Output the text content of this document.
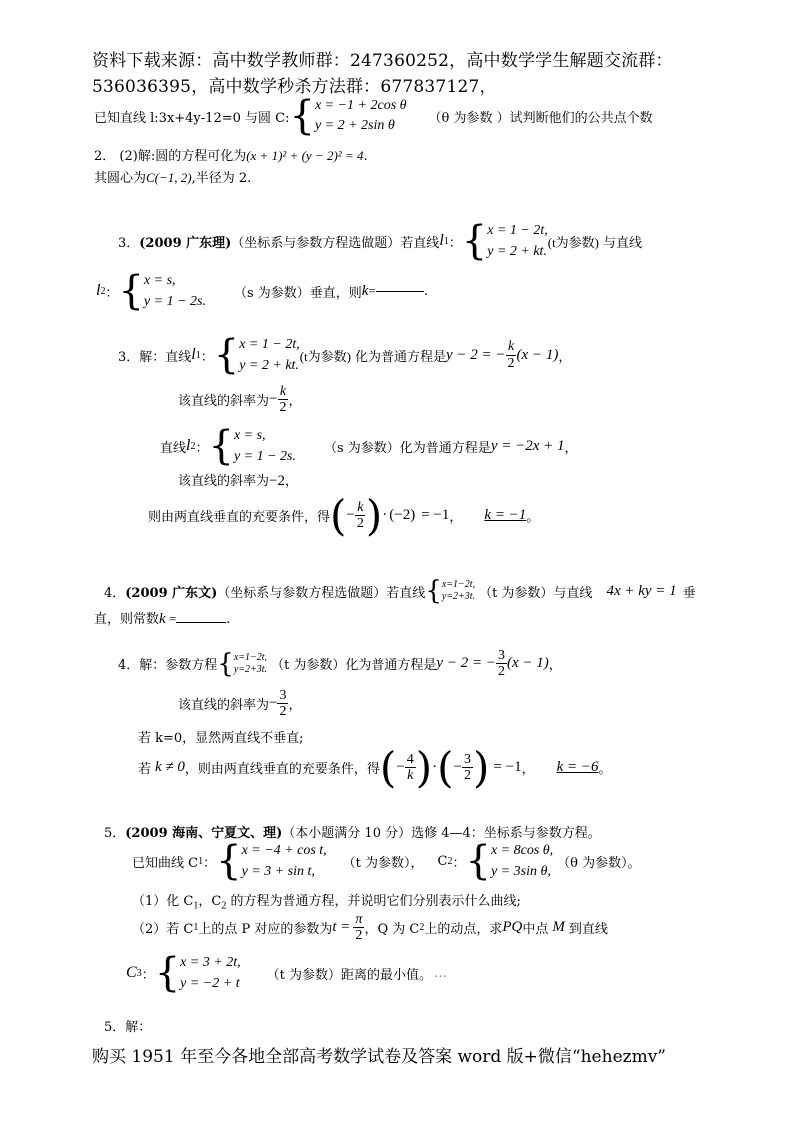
资料下载来源：高中数学教师群：247360252，高中数学学生解题交流群：
536036395，高中数学秒杀方法群：677837127，
已知直线 l:3x+4y-12=0 与圆 C: { x = −1 + 2cos θ
y = 2 + 2sin θ	（θ 为参数 ）试判断他们的公共点个数
2． (2)解:圆的方程可化为(x + 1)² + (y − 2)² = 4.
其圆心为C(−1, 2),半径为 2.
3． (2009 广东理) （坐标系与参数方程选做题）若直线 l 1 ： { x = 1 − 2t,
y = 2 + kt.
(t为参数) 与直线
l 2 ： { x = s,
y = 1 − 2s.
（s 为参数）垂直，则 k =	.
3． 解：直线 l 1 ： { x = 1 − 2t,
y = 2 + kt.
(t为参数) 化为普通方程是 y − 2 = − $\frac{k}{2} (x - 1)$ ，
该直线的斜率为 − $\frac{k}{2}$ ，
直线 l 2 ： { x = s,
y = 1 − 2s.
（s 为参数）化为普通方程是 y = −2x + 1 ，
该直线的斜率为−2，
则由两直线垂直的充要条件，得 ( − $\frac{k}{2}$ ) · (−2) = −1 ， k = −1 。
4． (2009 广东文) （坐标系与参数方程选做题）若直线 { x=1−2t,
y=2+3t. （t 为参数）与直线 4x + ky = 1 垂
直，则常数k =	.
4． 解：参数方程 { x=1−2t,
y=2+3t. （t 为参数）化为普通方程是 y − 2 = − $\frac{3}{2} (x - 1)$ ，
该直线的斜率为 − $\frac{3}{2}$ ，
若 k=0，显然两直线不垂直;
若 k ≠ 0 ，则由两直线垂直的充要条件，得 ( − $\frac{4}{k}$ ) · ( − $\frac{3}{2}$ ) = −1 ， k = −6 。
5．(2009 海南、宁夏文、理)（本小题满分 10 分）选修 4—4：坐标系与参数方程。
已知曲线 C 1 ： { x = −4 + cos t,
y = 3 + sin t,
（t 为参数）， C 2 ： { x = 8cos θ,
y = 3sin θ,
（θ 为参数）。
（1）化 $C_1$，$C_2$ 的方程为普通方程，并说明它们分别表示什么曲线;
（2）若 C 1 上的点 P 对应的参数为 $t = \frac{\pi}{2}$ ，Q 为 C 2 上的动点，求 PQ 中点 M 到直线
C 3 ： { x = 3 + 2t,
y = −2 + t
（t 为参数）距离的最小值。 …
5．解：
购买 1951 年至今各地全部高考数学试卷及答案 word 版+微信“hehezmv”
